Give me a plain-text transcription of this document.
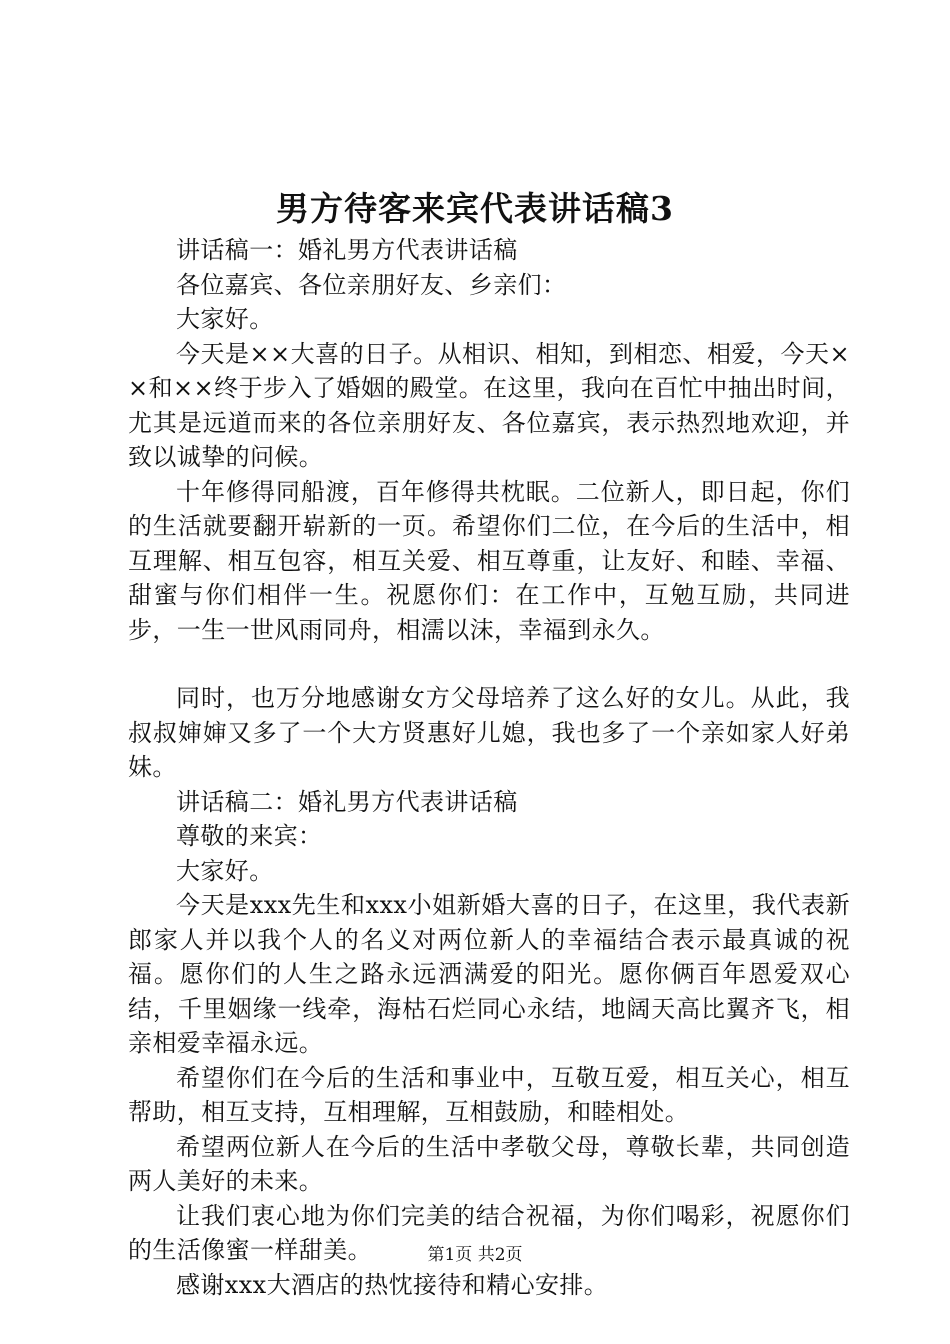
男方待客来宾代表讲话稿3

讲话稿一：婚礼男方代表讲话稿

各位嘉宾、各位亲朋好友、乡亲们：

大家好。

今天是××大喜的日子。从相识、相知，到相恋、相爱，今天××和××终于步入了婚姻的殿堂。在这里，我向在百忙中抽出时间，尤其是远道而来的各位亲朋好友、各位嘉宾，表示热烈地欢迎，并致以诚挚的问候。

十年修得同船渡，百年修得共枕眠。二位新人，即日起，你们的生活就要翻开崭新的一页。希望你们二位，在今后的生活中，相互理解、相互包容，相互关爱、相互尊重，让友好、和睦、幸福、甜蜜与你们相伴一生。祝愿你们：在工作中，互勉互励，共同进步，一生一世风雨同舟，相濡以沫，幸福到永久。

同时，也万分地感谢女方父母培养了这么好的女儿。从此，我叔叔婶婶又多了一个大方贤惠好儿媳，我也多了一个亲如家人好弟妹。

讲话稿二：婚礼男方代表讲话稿

尊敬的来宾：

大家好。

今天是xxx先生和xxx小姐新婚大喜的日子，在这里，我代表新郎家人并以我个人的名义对两位新人的幸福结合表示最真诚的祝福。愿你们的人生之路永远洒满爱的阳光。愿你俩百年恩爱双心结，千里姻缘一线牵，海枯石烂同心永结，地阔天高比翼齐飞，相亲相爱幸福永远。

希望你们在今后的生活和事业中，互敬互爱，相互关心，相互帮助，相互支持，互相理解，互相鼓励，和睦相处。

希望两位新人在今后的生活中孝敬父母，尊敬长辈，共同创造两人美好的未来。

让我们衷心地为你们完美的结合祝福，为你们喝彩，祝愿你们的生活像蜜一样甜美。

感谢xxx大酒店的热忱接待和精心安排。

第1页 共2页
